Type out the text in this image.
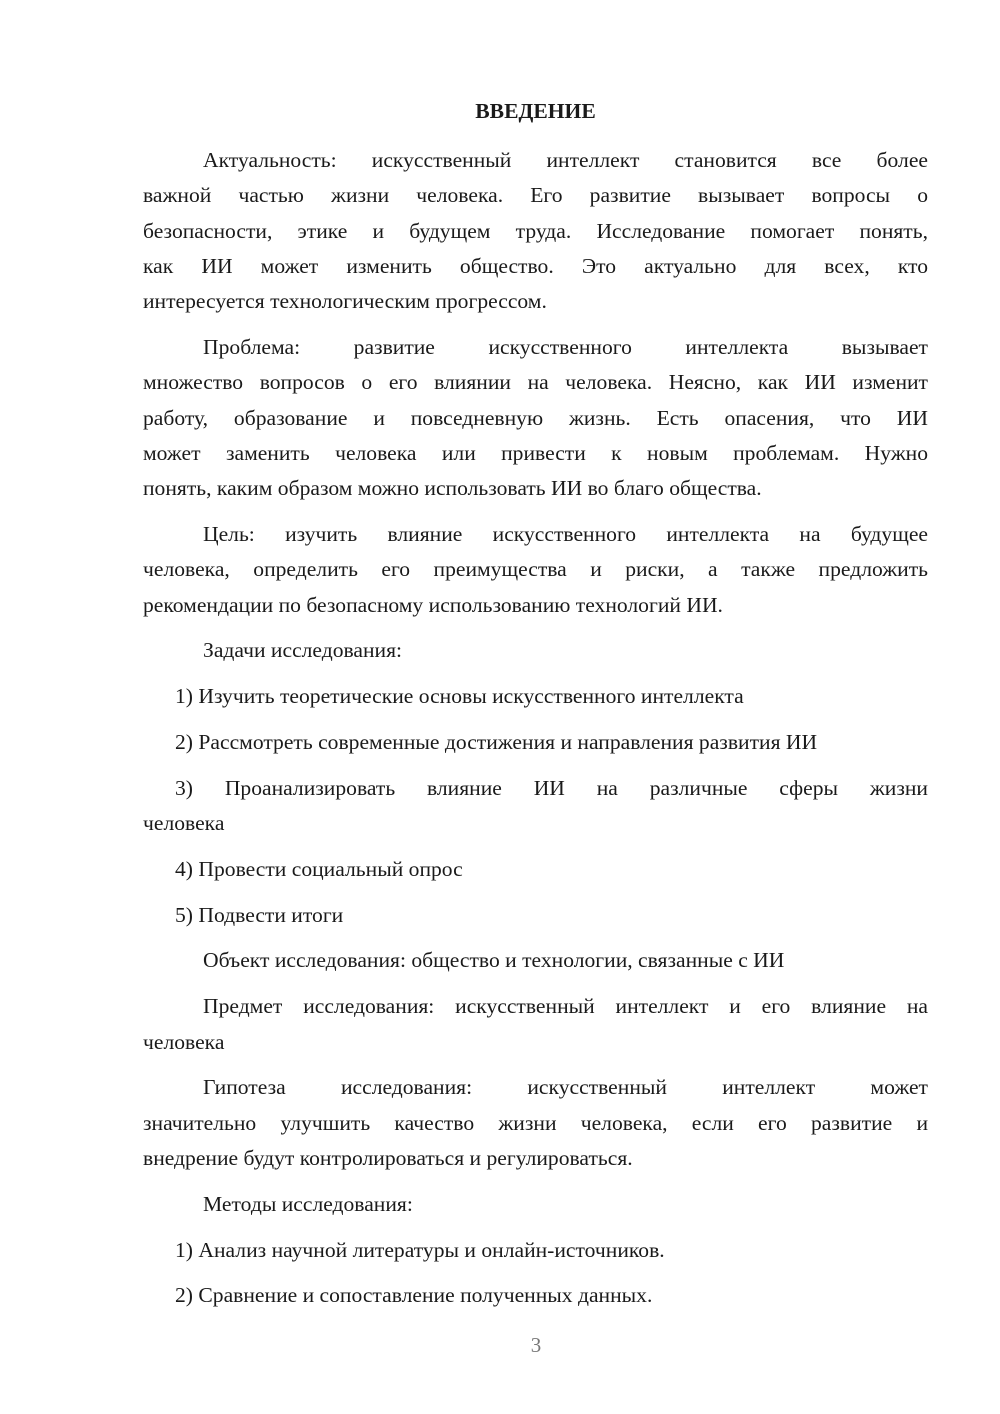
ВВЕДЕНИЕ
Актуальность: искусственный интеллект становится все более
важной частью жизни человека. Его развитие вызывает вопросы о
безопасности, этике и будущем труда. Исследование помогает понять,
как ИИ может изменить общество. Это актуально для всех, кто
интересуется технологическим прогрессом.
Проблема: развитие искусственного интеллекта вызывает
множество вопросов о его влиянии на человека. Неясно, как ИИ изменит
работу, образование и повседневную жизнь. Есть опасения, что ИИ
может заменить человека или привести к новым проблемам. Нужно
понять, каким образом можно использовать ИИ во благо общества.
Цель: изучить влияние искусственного интеллекта на будущее
человека, определить его преимущества и риски, а также предложить
рекомендации по безопасному использованию технологий ИИ.
Задачи исследования:
1) Изучить теоретические основы искусственного интеллекта
2) Рассмотреть современные достижения и направления развития ИИ
3) Проанализировать влияние ИИ на различные сферы жизни
человека
4) Провести социальный опрос
5) Подвести итоги
Объект исследования: общество и технологии, связанные с ИИ
Предмет исследования: искусственный интеллект и его влияние на
человека
Гипотеза исследования: искусственный интеллект может
значительно улучшить качество жизни человека, если его развитие и
внедрение будут контролироваться и регулироваться.
Методы исследования:
1) Анализ научной литературы и онлайн-источников.
2) Сравнение и сопоставление полученных данных.
3
